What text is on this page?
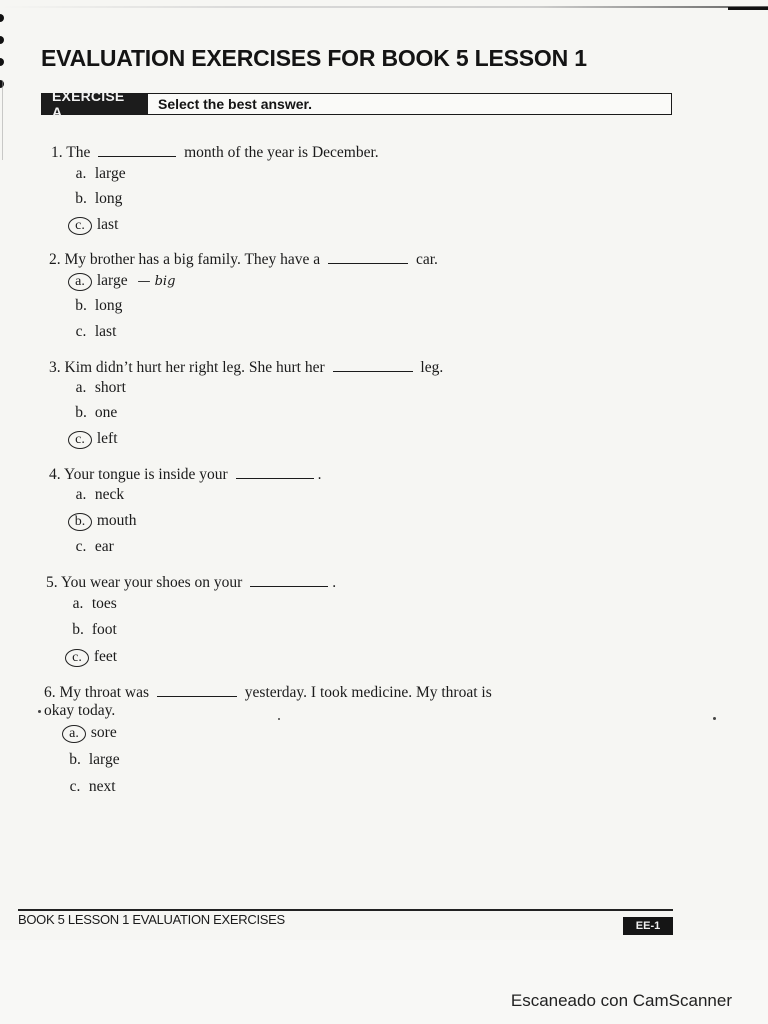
EVALUATION EXERCISES FOR BOOK 5 LESSON 1
EXERCISE A	Select the best answer.
1. The	month of the year is December.
a. large
b. long
c. last
2. My brother has a big family. They have a	car.
a. large — big
b. long
c. last
3. Kim didn’t hurt her right leg. She hurt her	leg.
a. short
b. one
c. left
4. Your tongue is inside your	.
a. neck
b. mouth
c. ear
5. You wear your shoes on your	.
a. toes
b. foot
c. feet
6. My throat was	yesterday. I took medicine. My throat is
okay today.
a. sore
b. large
c. next
BOOK 5 LESSON 1 EVALUATION EXERCISES	EE-1
Escaneado con CamScanner
